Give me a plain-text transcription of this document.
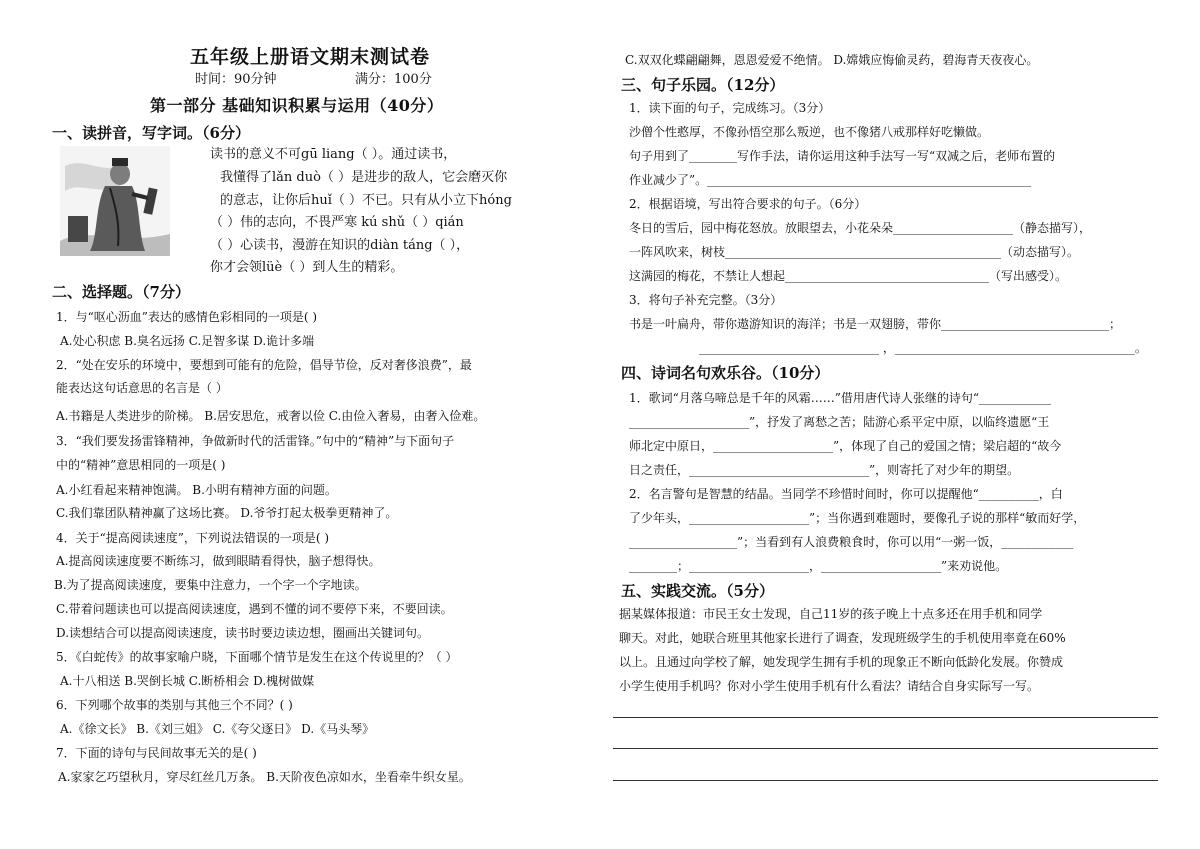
五年级上册语文期末测试卷
时间：90分钟	满分：100分
第一部分 基础知识积累与运用（40分）
一、读拼音，写字词。（6分）
读书的意义不可gū liang（ ）。通过读书，
我懂得了lǎn duò（ ）是进步的敌人，它会磨灭你
的意志，让你后huǐ（ ）不已。只有从小立下hóng
（ ）伟的志向，不畏严寒 kú shǔ（ ）qián
（ ）心读书，漫游在知识的diàn táng（ ），
你才会领lüè（ ）到人生的精彩。
二、选择题。（7分）
1．与“呕心沥血”表达的感情色彩相同的一项是( )
A.处心积虑 B.臭名远扬 C.足智多谋 D.诡计多端
2．“处在安乐的环境中，要想到可能有的危险，倡导节俭，反对奢侈浪费”，最
能表达这句话意思的名言是（ ）
A.书籍是人类进步的阶梯。 B.居安思危，戒奢以俭 C.由俭入奢易，由奢入俭难。
3．“我们要发扬雷锋精神，争做新时代的活雷锋。”句中的“精神”与下面句子
中的“精神”意思相同的一项是( )
A.小红看起来精神饱满。 B.小明有精神方面的问题。
C.我们靠团队精神赢了这场比赛。 D.爷爷打起太极拳更精神了。
4．关于“提高阅读速度”，下列说法错误的一项是( )
A.提高阅读速度要不断练习，做到眼睛看得快，脑子想得快。
B.为了提高阅读速度，要集中注意力，一个字一个字地读。
C.带着问题读也可以提高阅读速度，遇到不懂的词不要停下来，不要回读。
D.读想结合可以提高阅读速度，读书时要边读边想，圈画出关键词句。
5．《白蛇传》的故事家喻户晓，下面哪个情节是发生在这个传说里的？（ ）
A.十八相送 B.哭倒长城 C.断桥相会 D.槐树做媒
6．下列哪个故事的类别与其他三个不同？( )
A.《徐文长》 B.《刘三姐》 C.《夸父逐日》 D.《马头琴》
7．下面的诗句与民间故事无关的是( )
A.家家乞巧望秋月，穿尽红丝几万条。 B.天阶夜色凉如水，坐看牵牛织女星。
C.双双化蝶翩翩舞，恩恩爱爱不绝情。 D.嫦娥应悔偷灵药，碧海青天夜夜心。
三、句子乐园。（12分）
1．读下面的句子，完成练习。（3分）
沙僧个性憨厚，不像孙悟空那么叛逆，也不像猪八戒那样好吃懒做。
句子用到了________写作手法，请你运用这种手法写一写“双减之后，老师布置的
作业减少了”。______________________________________________________
2．根据语境，写出符合要求的句子。（6分）
冬日的雪后，园中梅花怒放。放眼望去，小花朵朵____________________（静态描写），
一阵风吹来，树枝______________________________________________（动态描写）。
这满园的梅花，不禁让人想起__________________________________（写出感受）。
3．将句子补充完整。（3分）
书是一叶扁舟，带你遨游知识的海洋；书是一双翅膀，带你____________________________；
______________________________ ，________________________________________。
四、诗词名句欢乐谷。（10分）
1．歌词“月落乌啼总是千年的风霜……”借用唐代诗人张继的诗句“____________
____________________”，抒发了离愁之苦；陆游心系平定中原，以临终遗愿“王
师北定中原日，____________________”，体现了自己的爱国之情；梁启超的“故今
日之责任，______________________________”，则寄托了对少年的期望。
2．名言警句是智慧的结晶。当同学不珍惜时间时，你可以提醒他“__________，白
了少年头，____________________”；当你遇到难题时，要像孔子说的那样“敏而好学，
__________________”；当看到有人浪费粮食时，你可以用“一粥一饭，____________
________；____________________，____________________”来劝说他。
五、实践交流。（5分）
据某媒体报道：市民王女士发现，自己11岁的孩子晚上十点多还在用手机和同学
聊天。对此，她联合班里其他家长进行了调查，发现班级学生的手机使用率竟在60%
以上。且通过向学校了解，她发现学生拥有手机的现象正不断向低龄化发展。你赞成
小学生使用手机吗？你对小学生使用手机有什么看法？请结合自身实际写一写。
